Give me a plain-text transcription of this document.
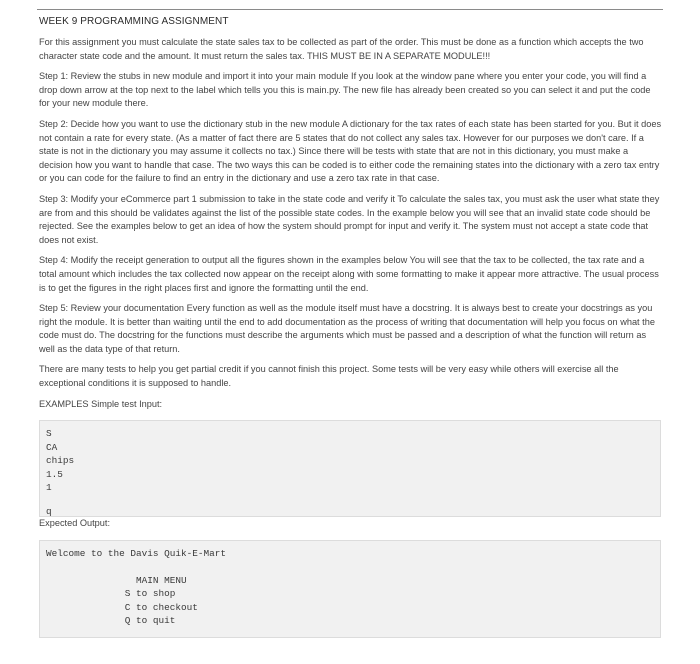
WEEK 9 PROGRAMMING ASSIGNMENT

For this assignment you must calculate the state sales tax to be collected as part of the order. This must be done as a function which accepts the two character state code and the amount. It must return the sales tax. THIS MUST BE IN A SEPARATE MODULE!!!

Step 1: Review the stubs in new module and import it into your main module If you look at the window pane where you enter your code, you will find a drop down arrow at the top next to the label which tells you this is main.py. The new file has already been created so you can select it and put the code for your new module there.

Step 2: Decide how you want to use the dictionary stub in the new module A dictionary for the tax rates of each state has been started for you. But it does not contain a rate for every state. (As a matter of fact there are 5 states that do not collect any sales tax. However for our purposes we don't care. If a state is not in the dictionary you may assume it collects no tax.) Since there will be tests with state that are not in this dictionary, you must make a decision how you want to handle that case. The two ways this can be coded is to either code the remaining states into the dictionary with a zero tax entry or you can code for the failure to find an entry in the dictionary and use a zero tax rate in that case.

Step 3: Modify your eCommerce part 1 submission to take in the state code and verify it To calculate the sales tax, you must ask the user what state they are from and this should be validates against the list of the possible state codes. In the example below you will see that an invalid state code should be rejected. See the examples below to get an idea of how the system should prompt for input and verify it. The system must not accept a state code that does not exist.

Step 4: Modify the receipt generation to output all the figures shown in the examples below You will see that the tax to be collected, the tax rate and a total amount which includes the tax collected now appear on the receipt along with some formatting to make it appear more attractive. The usual process is to get the figures in the right places first and ignore the formatting until the end.

Step 5: Review your documentation Every function as well as the module itself must have a docstring. It is always best to create your docstrings as you right the module. It is better than waiting until the end to add documentation as the process of writing that documentation will help you focus on what the code must do. The docstring for the functions must describe the arguments which must be passed and a description of what the function will return as well as the data type of that return.

There are many tests to help you get partial credit if you cannot finish this project. Some tests will be very easy while others will exercise all the exceptional conditions it is supposed to handle.

EXAMPLES Simple test Input:

S
CA
chips
1.5
1
q

Expected Output:

Welcome to the Davis Quik-E-Mart
MAIN MENU
S to shop
C to checkout
Q to quit
